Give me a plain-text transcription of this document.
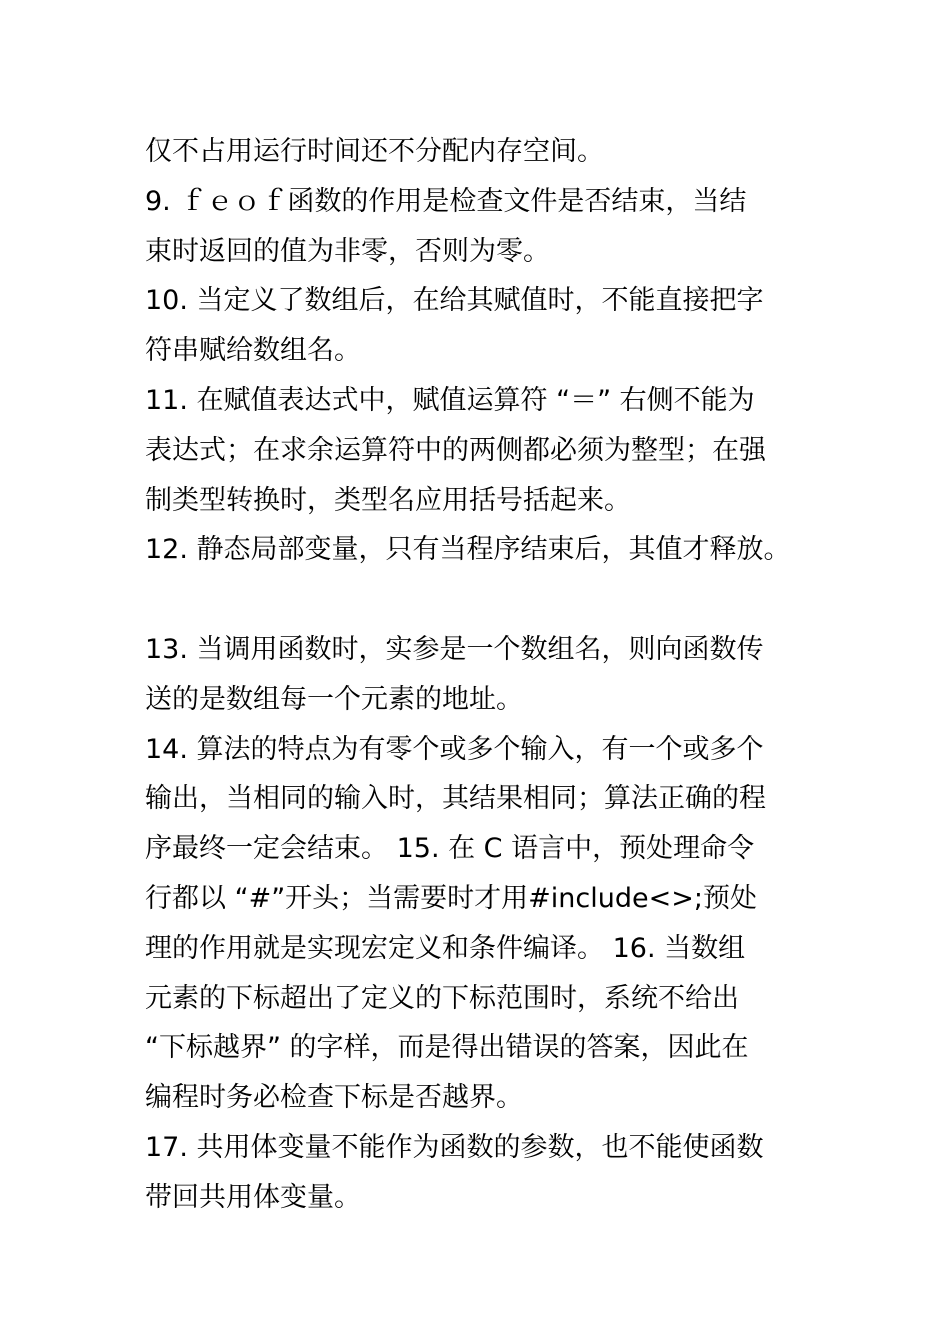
仅不占用运行时间还不分配内存空间。
9. ｆｅｏｆ函数的作用是检查文件是否结束，当结
束时返回的值为非零，否则为零。
10. 当定义了数组后，在给其赋值时，不能直接把字
符串赋给数组名。
11. 在赋值表达式中，赋值运算符 “＝” 右侧不能为
表达式；在求余运算符中的两侧都必须为整型；在强
制类型转换时，类型名应用括号括起来。
12. 静态局部变量，只有当程序结束后，其值才释放。
13. 当调用函数时，实参是一个数组名，则向函数传
送的是数组每一个元素的地址。
14. 算法的特点为有零个或多个输入，有一个或多个
输出，当相同的输入时，其结果相同；算法正确的程
序最终一定会结束。 15. 在 C 语言中，预处理命令
行都以 “#”开头；当需要时才用#include<>;预处
理的作用就是实现宏定义和条件编译。 16. 当数组
元素的下标超出了定义的下标范围时，系统不给出
“下标越界” 的字样，而是得出错误的答案，因此在
编程时务必检查下标是否越界。
17. 共用体变量不能作为函数的参数，也不能使函数
带回共用体变量。
